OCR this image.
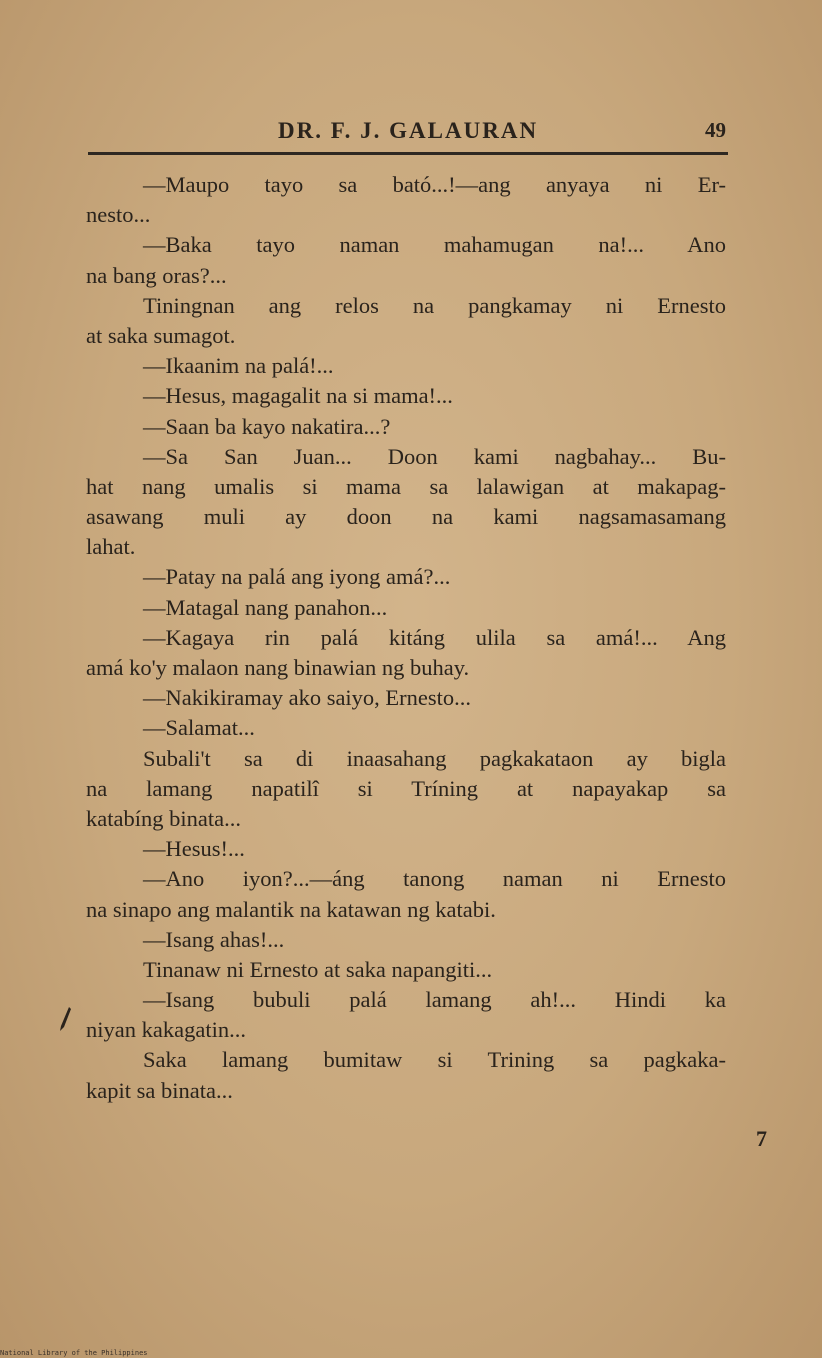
DR. F. J. GALAURAN	49
—Maupo tayo sa bató...!—ang anyaya ni Er-
nesto...
—Baka tayo naman mahamugan na!... Ano
na bang oras?...
Tiningnan ang relos na pangkamay ni Ernesto
at saka sumagot.
—Ikaanim na palá!...
—Hesus, magagalit na si mama!...
—Saan ba kayo nakatira...?
—Sa San Juan... Doon kami nagbahay... Bu-
hat nang umalis si mama sa lalawigan at makapag-
asawang muli ay doon na kami nagsamasamang
lahat.
—Patay na palá ang iyong amá?...
—Matagal nang panahon...
—Kagaya rin palá kitáng ulila sa amá!... Ang
amá ko'y malaon nang binawian ng buhay.
—Nakikiramay ako saiyo, Ernesto...
—Salamat...
Subali't sa di inaasahang pagkakataon ay bigla
na lamang napatilî si Tríning at napayakap sa
katabíng binata...
—Hesus!...
—Ano iyon?...—áng tanong naman ni Ernesto
na sinapo ang malantik na katawan ng katabi.
—Isang ahas!...
Tinanaw ni Ernesto at saka napangiti...
—Isang bubuli palá lamang ah!... Hindi ka
niyan kakagatin...
Saka lamang bumitaw si Trining sa pagkaka-
kapit sa binata...
7
National Library of the Philippines
